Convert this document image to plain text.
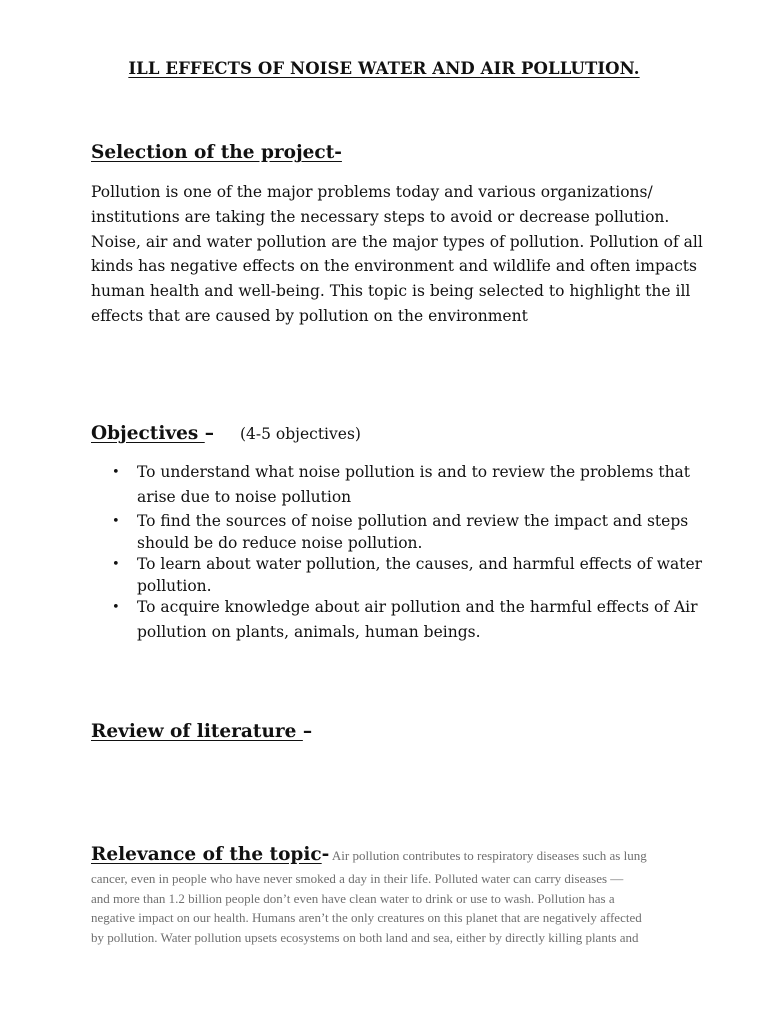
ILL EFFECTS OF NOISE WATER AND AIR POLLUTION.
Selection of the project-
Pollution is one of the major problems today and various organizations/
institutions are taking the necessary steps to avoid or decrease pollution.
Noise, air and water pollution are the major types of pollution. Pollution of all
kinds has negative effects on the environment and wildlife and often impacts
human health and well-being. This topic is being selected to highlight the ill
effects that are caused by pollution on the environment
Objectives – (4-5 objectives)
• To understand what noise pollution is and to review the problems that
arise due to noise pollution
• To find the sources of noise pollution and review the impact and steps
should be do reduce noise pollution.
• To learn about water pollution, the causes, and harmful effects of water
pollution.
• To acquire knowledge about air pollution and the harmful effects of Air
pollution on plants, animals, human beings.
Review of literature –
Relevance of the topic- Air pollution contributes to respiratory diseases such as lung
cancer, even in people who have never smoked a day in their life. Polluted water can carry diseases —
and more than 1.2 billion people don’t even have clean water to drink or use to wash. Pollution has a
negative impact on our health. Humans aren’t the only creatures on this planet that are negatively affected
by pollution. Water pollution upsets ecosystems on both land and sea, either by directly killing plants and
